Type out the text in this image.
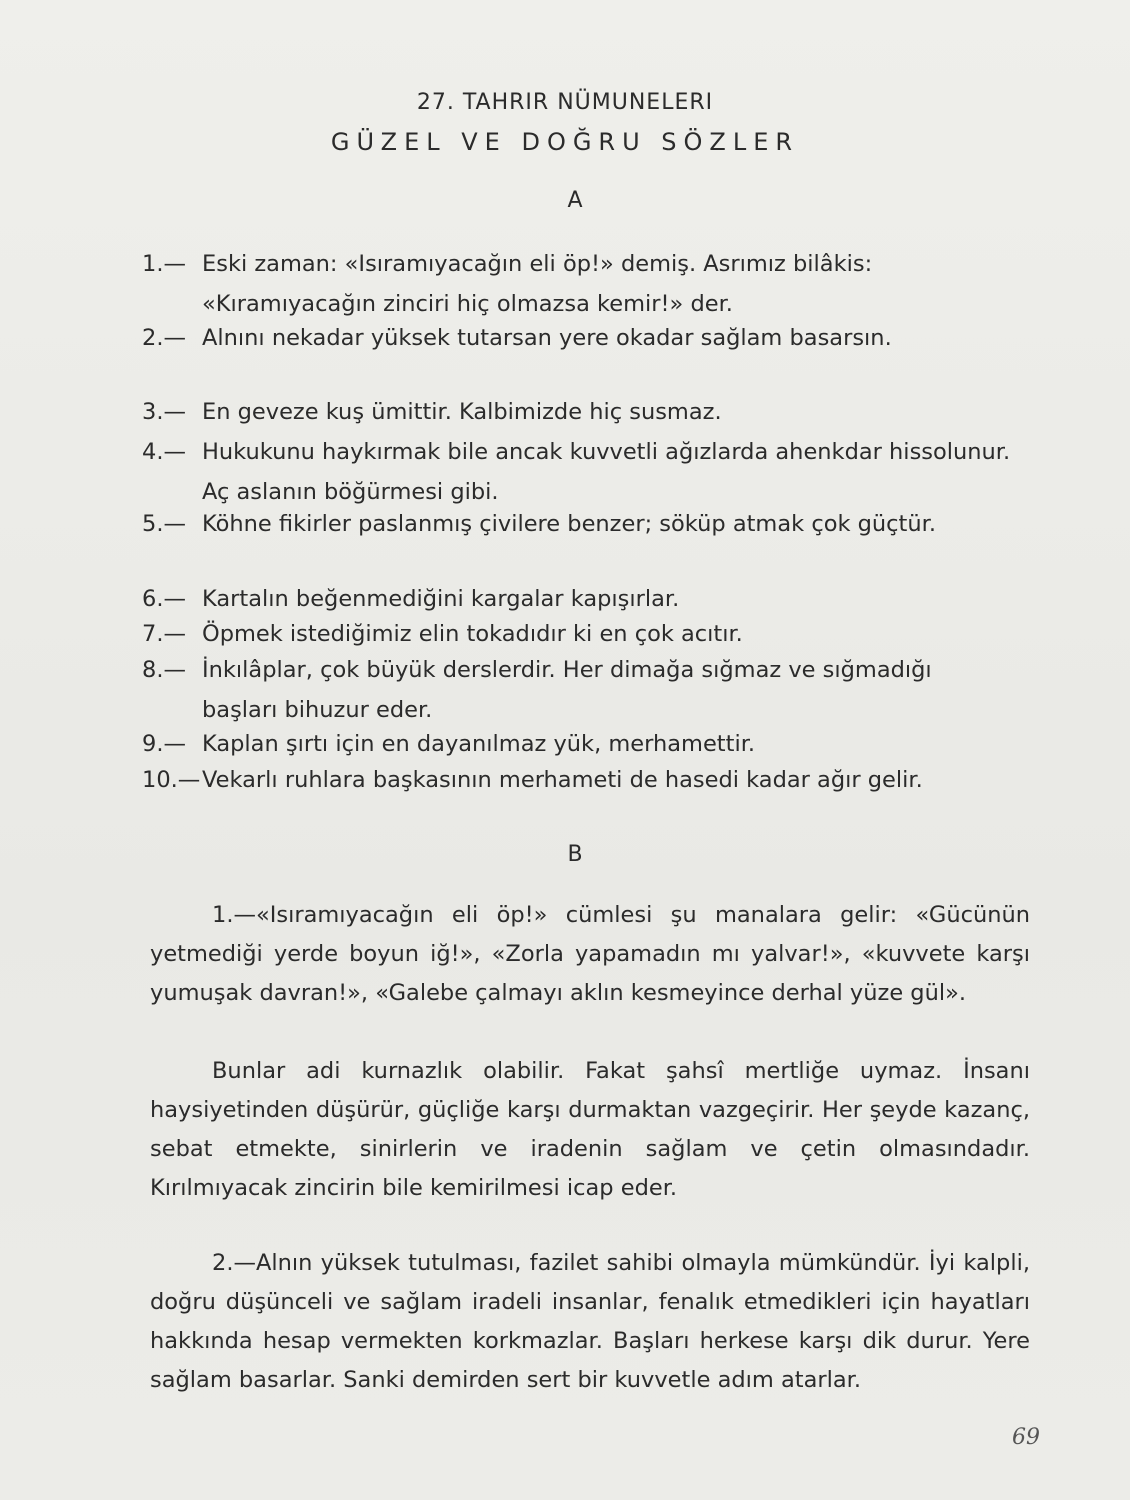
27. TAHRIR NÜMUNELERI
GÜZEL VE DOĞRU SÖZLER
A
1.— Eski zaman: «Isıramıyacağın eli öp!» demiş. Asrımız bilâkis: «Kıramıyacağın zinciri hiç olmazsa kemir!» der.
2.— Alnını nekadar yüksek tutarsan yere okadar sağlam basarsın.
3.— En geveze kuş ümittir. Kalbimizde hiç susmaz.
4.— Hukukunu haykırmak bile ancak kuvvetli ağızlarda ahenkdar hissolunur. Aç aslanın böğürmesi gibi.
5.— Köhne fikirler paslanmış çivilere benzer; söküp atmak çok güçtür.
6.— Kartalın beğenmediğini kargalar kapışırlar.
7.— Öpmek istediğimiz elin tokadıdır ki en çok acıtır.
8.— İnkılâplar, çok büyük derslerdir. Her dimağa sığmaz ve sığmadığı başları bihuzur eder.
9.— Kaplan şırtı için en dayanılmaz yük, merhamettir.
10.— Vekarlı ruhlara başkasının merhameti de hasedi kadar ağır gelir.
B
1.—«Isıramıyacağın eli öp!» cümlesi şu manalara gelir: «Gücünün yetmediği yerde boyun iğ!», «Zorla yapamadın mı yalvar!», «kuvvete karşı yumuşak davran!», «Galebe çalmayı aklın kesmeyince derhal yüze gül».
Bunlar adi kurnazlık olabilir. Fakat şahsî mertliğe uymaz. İnsanı haysiyetinden düşürür, güçliğe karşı durmaktan vazgeçirir. Her şeyde kazanç, sebat etmekte, sinirlerin ve iradenin sağlam ve çetin olmasındadır. Kırılmıyacak zincirin bile kemirilmesi icap eder.
2.—Alnın yüksek tutulması, fazilet sahibi olmayla mümkündür. İyi kalpli, doğru düşünceli ve sağlam iradeli insanlar, fenalık etmedikleri için hayatları hakkında hesap vermekten korkmazlar. Başları herkese karşı dik durur. Yere sağlam basarlar. Sanki demirden sert bir kuvvetle adım atarlar.
69
